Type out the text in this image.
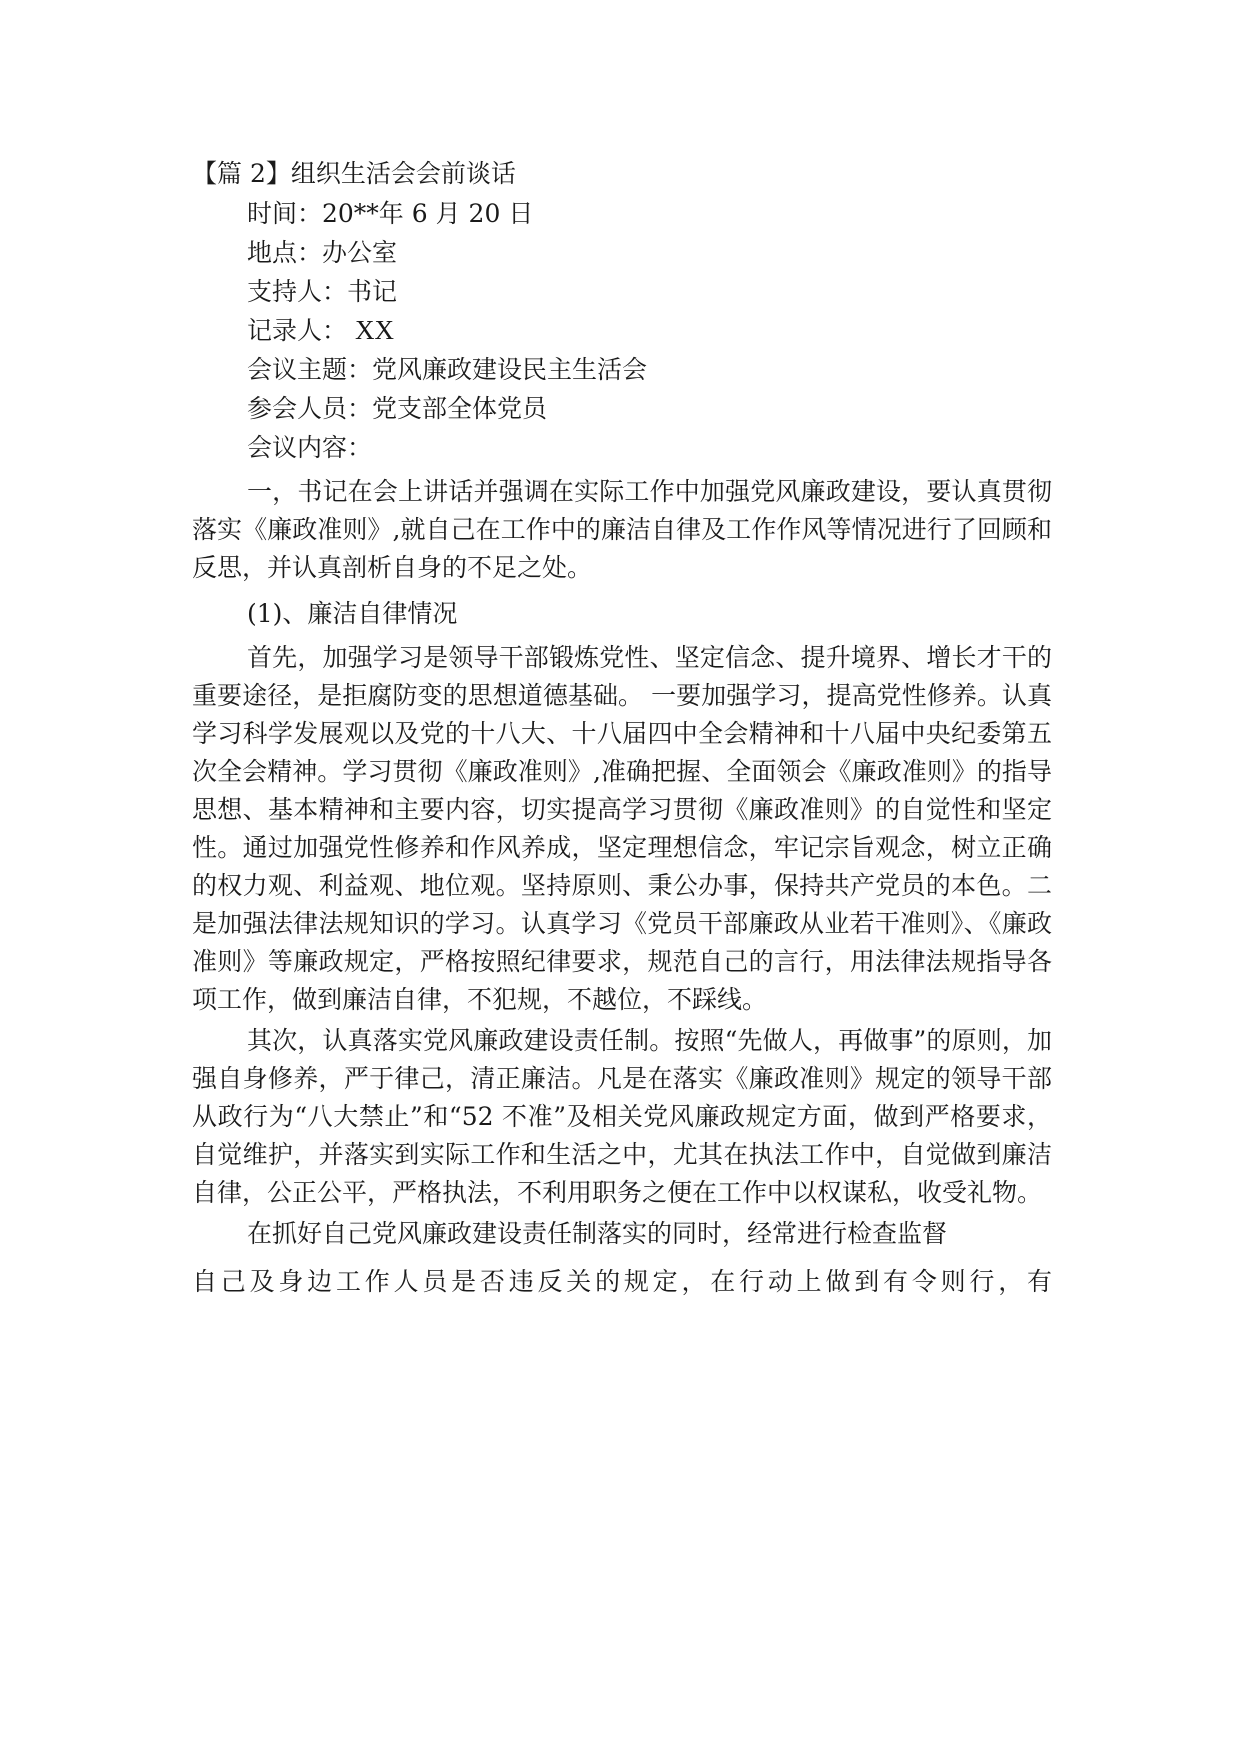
【篇 2】组织生活会会前谈话

时间：20**年 6 月 20 日

地点：办公室

支持人：书记

记录人： XX

会议主题：党风廉政建设民主生活会

参会人员：党支部全体党员

会议内容：

一，书记在会上讲话并强调在实际工作中加强党风廉政建设，要认真贯彻落实《廉政准则》,就自己在工作中的廉洁自律及工作作风等情况进行了回顾和反思，并认真剖析自身的不足之处。

(1)、廉洁自律情况

首先，加强学习是领导干部锻炼党性、坚定信念、提升境界、增长才干的重要途径，是拒腐防变的思想道德基础。 一要加强学习，提高党性修养。认真学习科学发展观以及党的十八大、十八届四中全会精神和十八届中央纪委第五次全会精神。学习贯彻《廉政准则》,准确把握、全面领会《廉政准则》的指导思想、基本精神和主要内容，切实提高学习贯彻《廉政准则》的自觉性和坚定性。通过加强党性修养和作风养成，坚定理想信念，牢记宗旨观念，树立正确的权力观、利益观、地位观。坚持原则、秉公办事，保持共产党员的本色。二是加强法律法规知识的学习。认真学习《党员干部廉政从业若干准则》、《廉政准则》等廉政规定，严格按照纪律要求，规范自己的言行，用法律法规指导各项工作，做到廉洁自律，不犯规，不越位，不踩线。

其次，认真落实党风廉政建设责任制。按照“先做人，再做事”的原则，加强自身修养，严于律己，清正廉洁。凡是在落实《廉政准则》规定的领导干部从政行为“八大禁止”和“52 不准”及相关党风廉政规定方面，做到严格要求，自觉维护，并落实到实际工作和生活之中，尤其在执法工作中，自觉做到廉洁自律，公正公平，严格执法，不利用职务之便在工作中以权谋私，收受礼物。

在抓好自己党风廉政建设责任制落实的同时，经常进行检查监督

自己及身边工作人员是否违反关的规定，在行动上做到有令则行，有
